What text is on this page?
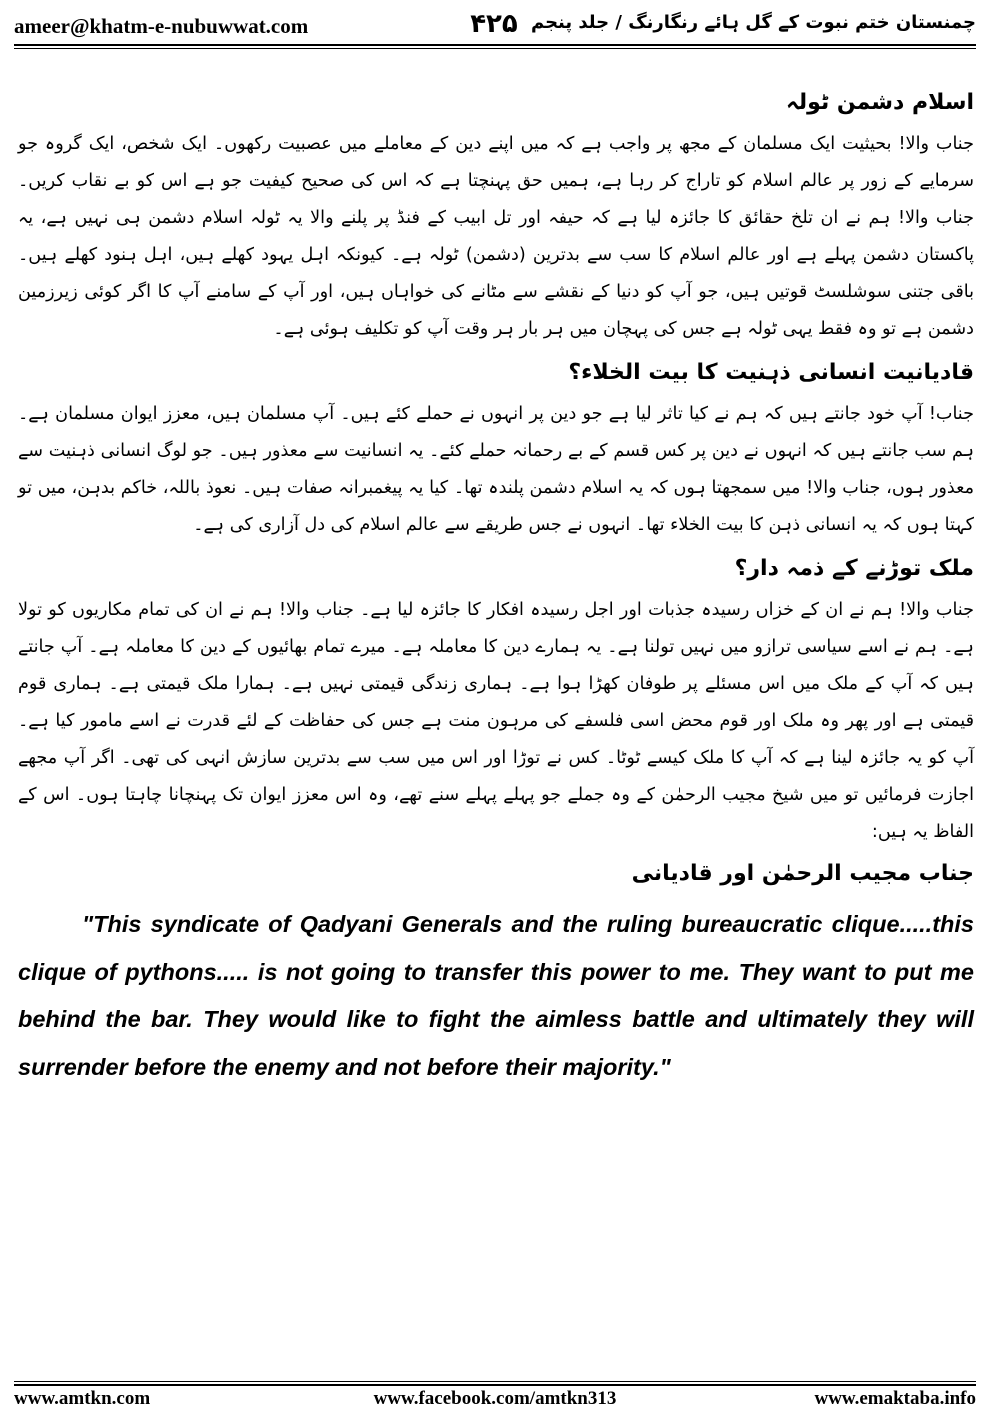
ameer@khatm-e-nubuwwat.com	۴۲۵ چمنستان ختم نبوت کے گل ہائے رنگارنگ / جلد پنجم
اسلام دشمن ٹولہ

جناب والا! بحیثیت ایک مسلمان کے مجھ پر واجب ہے کہ میں اپنے دین کے معاملے میں عصبیت رکھوں۔ ایک شخص، ایک گروہ جو سرمایے کے زور پر عالم اسلام کو تاراج کر رہا ہے، ہمیں حق پہنچتا ہے کہ اس کی صحیح کیفیت جو ہے اس کو بے نقاب کریں۔ جناب والا! ہم نے ان تلخ حقائق کا جائزہ لیا ہے کہ حیفہ اور تل ابیب کے فنڈ پر پلنے والا یہ ٹولہ اسلام دشمن ہی نہیں ہے، یہ پاکستان دشمن پہلے ہے اور عالم اسلام کا سب سے بدترین (دشمن) ٹولہ ہے۔ کیونکہ اہل یہود کھلے ہیں، اہل ہنود کھلے ہیں۔ باقی جتنی سوشلسٹ قوتیں ہیں، جو آپ کو دنیا کے نقشے سے مٹانے کی خواہاں ہیں، اور آپ کے سامنے آپ کا اگر کوئی زیرزمین دشمن ہے تو وہ فقط یہی ٹولہ ہے جس کی پہچان میں ہر بار ہر وقت آپ کو تکلیف ہوئی ہے۔

قادیانیت انسانی ذہنیت کا بیت الخلاء؟

جناب! آپ خود جانتے ہیں کہ ہم نے کیا تاثر لیا ہے جو دین پر انہوں نے حملے کئے ہیں۔ آپ مسلمان ہیں، معزز ایوان مسلمان ہے۔ ہم سب جانتے ہیں کہ انہوں نے دین پر کس قسم کے بے رحمانہ حملے کئے۔ یہ انسانیت سے معذور ہیں۔ جو لوگ انسانی ذہنیت سے معذور ہوں، جناب والا! میں سمجھتا ہوں کہ یہ اسلام دشمن پلندہ تھا۔ کیا یہ پیغمبرانہ صفات ہیں۔ نعوذ باللہ، خاکم بدہن، میں تو کہتا ہوں کہ یہ انسانی ذہن کا بیت الخلاء تھا۔ انہوں نے جس طریقے سے عالم اسلام کی دل آزاری کی ہے۔

ملک توڑنے کے ذمہ دار؟

جناب والا! ہم نے ان کے خزاں رسیدہ جذبات اور اجل رسیدہ افکار کا جائزہ لیا ہے۔ جناب والا! ہم نے ان کی تمام مکاریوں کو تولا ہے۔ ہم نے اسے سیاسی ترازو میں نہیں تولنا ہے۔ یہ ہمارے دین کا معاملہ ہے۔ میرے تمام بھائیوں کے دین کا معاملہ ہے۔ آپ جانتے ہیں کہ آپ کے ملک میں اس مسئلے پر طوفان کھڑا ہوا ہے۔ ہماری زندگی قیمتی نہیں ہے۔ ہمارا ملک قیمتی ہے۔ ہماری قوم قیمتی ہے اور پھر وہ ملک اور قوم محض اسی فلسفے کی مرہون منت ہے جس کی حفاظت کے لئے قدرت نے اسے مامور کیا ہے۔ آپ کو یہ جائزہ لینا ہے کہ آپ کا ملک کیسے ٹوٹا۔ کس نے توڑا اور اس میں سب سے بدترین سازش انہی کی تھی۔ اگر آپ مجھے اجازت فرمائیں تو میں شیخ مجیب الرحمٰن کے وہ جملے جو پہلے پہلے سنے تھے، وہ اس معزز ایوان تک پہنچانا چاہتا ہوں۔ اس کے الفاظ یہ ہیں:

جناب مجیب الرحمٰن اور قادیانی

"This syndicate of Qadyani Generals and the ruling bureaucratic clique.....this clique of pythons..... is not going to transfer this power to me. They want to put me behind the bar. They would like to fight the aimless battle and ultimately they will surrender before the enemy and not before their majority."

www.amtkn.com	www.facebook.com/amtkn313	www.emaktaba.info
